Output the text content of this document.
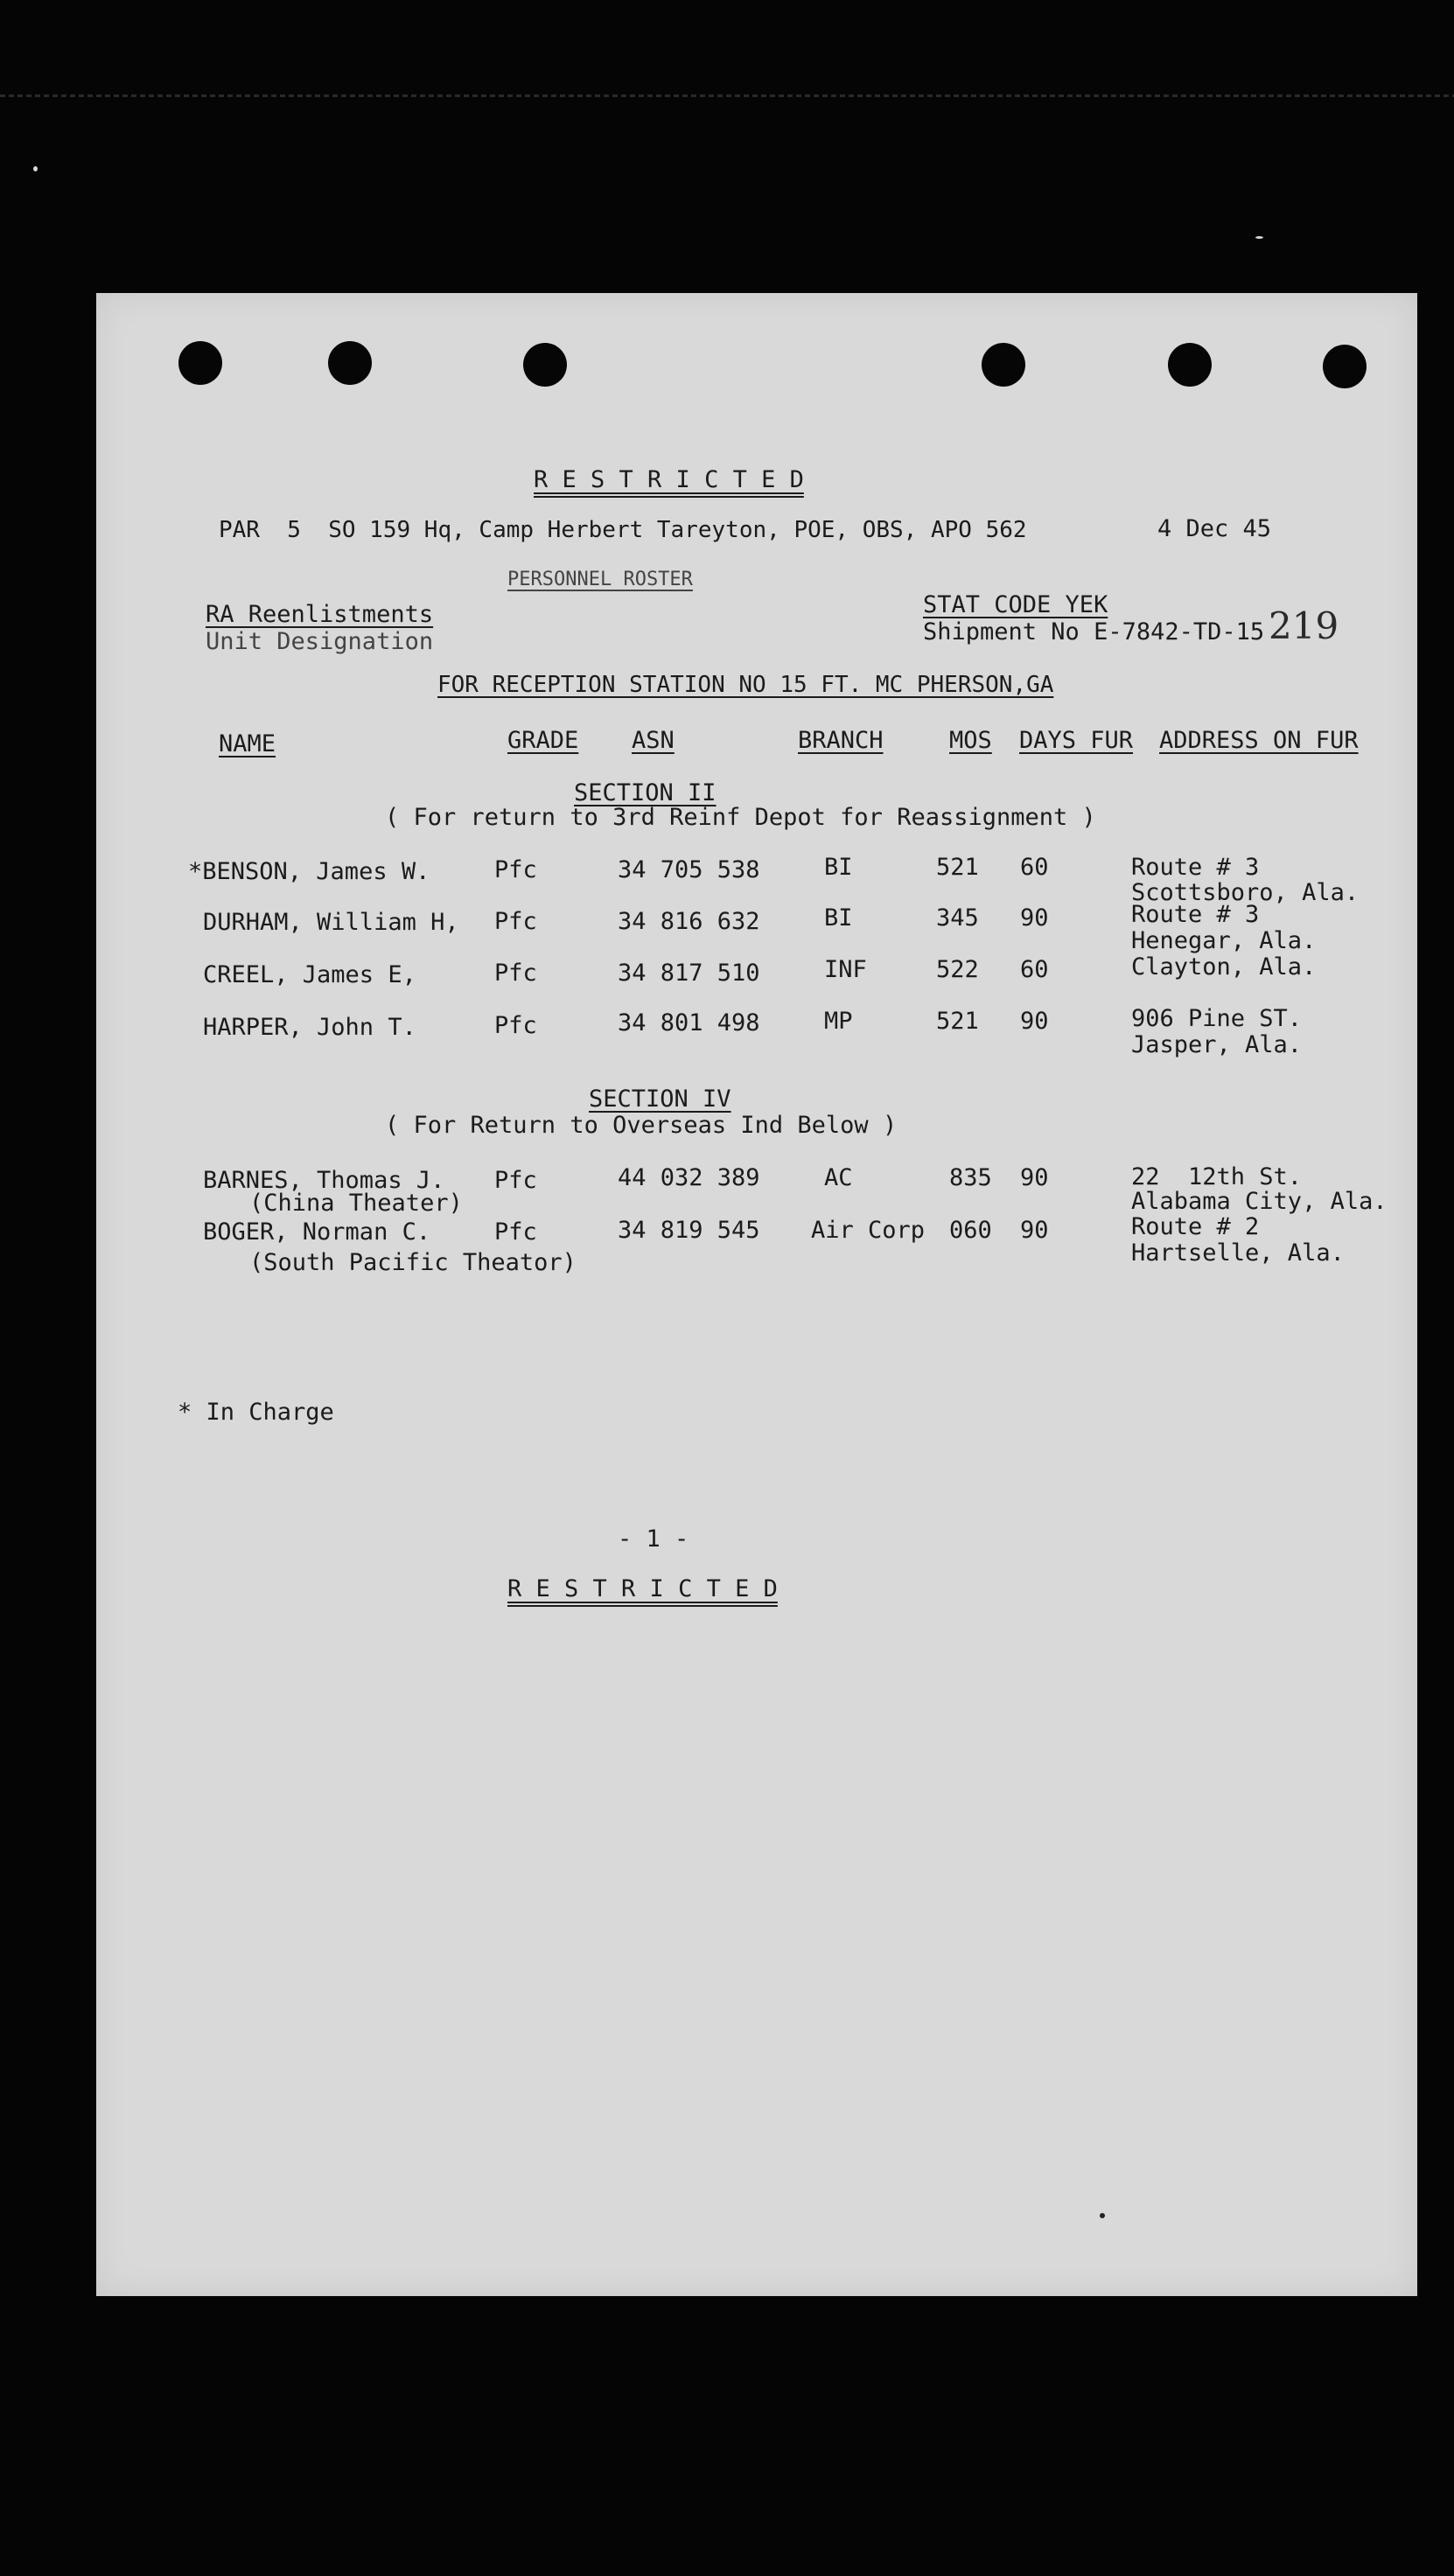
R E S T R I C T E D
PAR  5  SO 159 Hq, Camp Herbert Tareyton, POE, OBS, APO 562	4 Dec 45
PERSONNEL ROSTER
RA Reenlistments
Unit Designation
STAT CODE YEK
Shipment No E-7842-TD-15 219
FOR RECEPTION STATION NO 15 FT. MC PHERSON,GA
NAME	GRADE ASN	BRANCH	MOS DAYS FUR ADDRESS ON FUR
SECTION II
( For return to 3rd Reinf Depot for Reassignment )
*BENSON, James W.	Pfc	34 705 538	BI	521 60	Route # 3
Scottsboro, Ala.
DURHAM, William H, Pfc	34 816 632	BI	345 90	Route # 3
Henegar, Ala.
CREEL, James E,	Pfc	34 817 510	INF	522 60	Clayton, Ala.
HARPER, John T.	Pfc	34 801 498	MP	521 90	906 Pine ST.
Jasper, Ala.
SECTION IV
( For Return to Overseas Ind Below )
BARNES, Thomas J.
(China Theater)
Pfc	44 032 389	AC	835 90	22  12th St.
Alabama City, Ala.
BOGER, Norman C.
(South Pacific Theator)
Pfc	34 819 545 Air Corp 060 90	Route # 2
Hartselle, Ala.
* In Charge
- 1 -
R E S T R I C T E D
